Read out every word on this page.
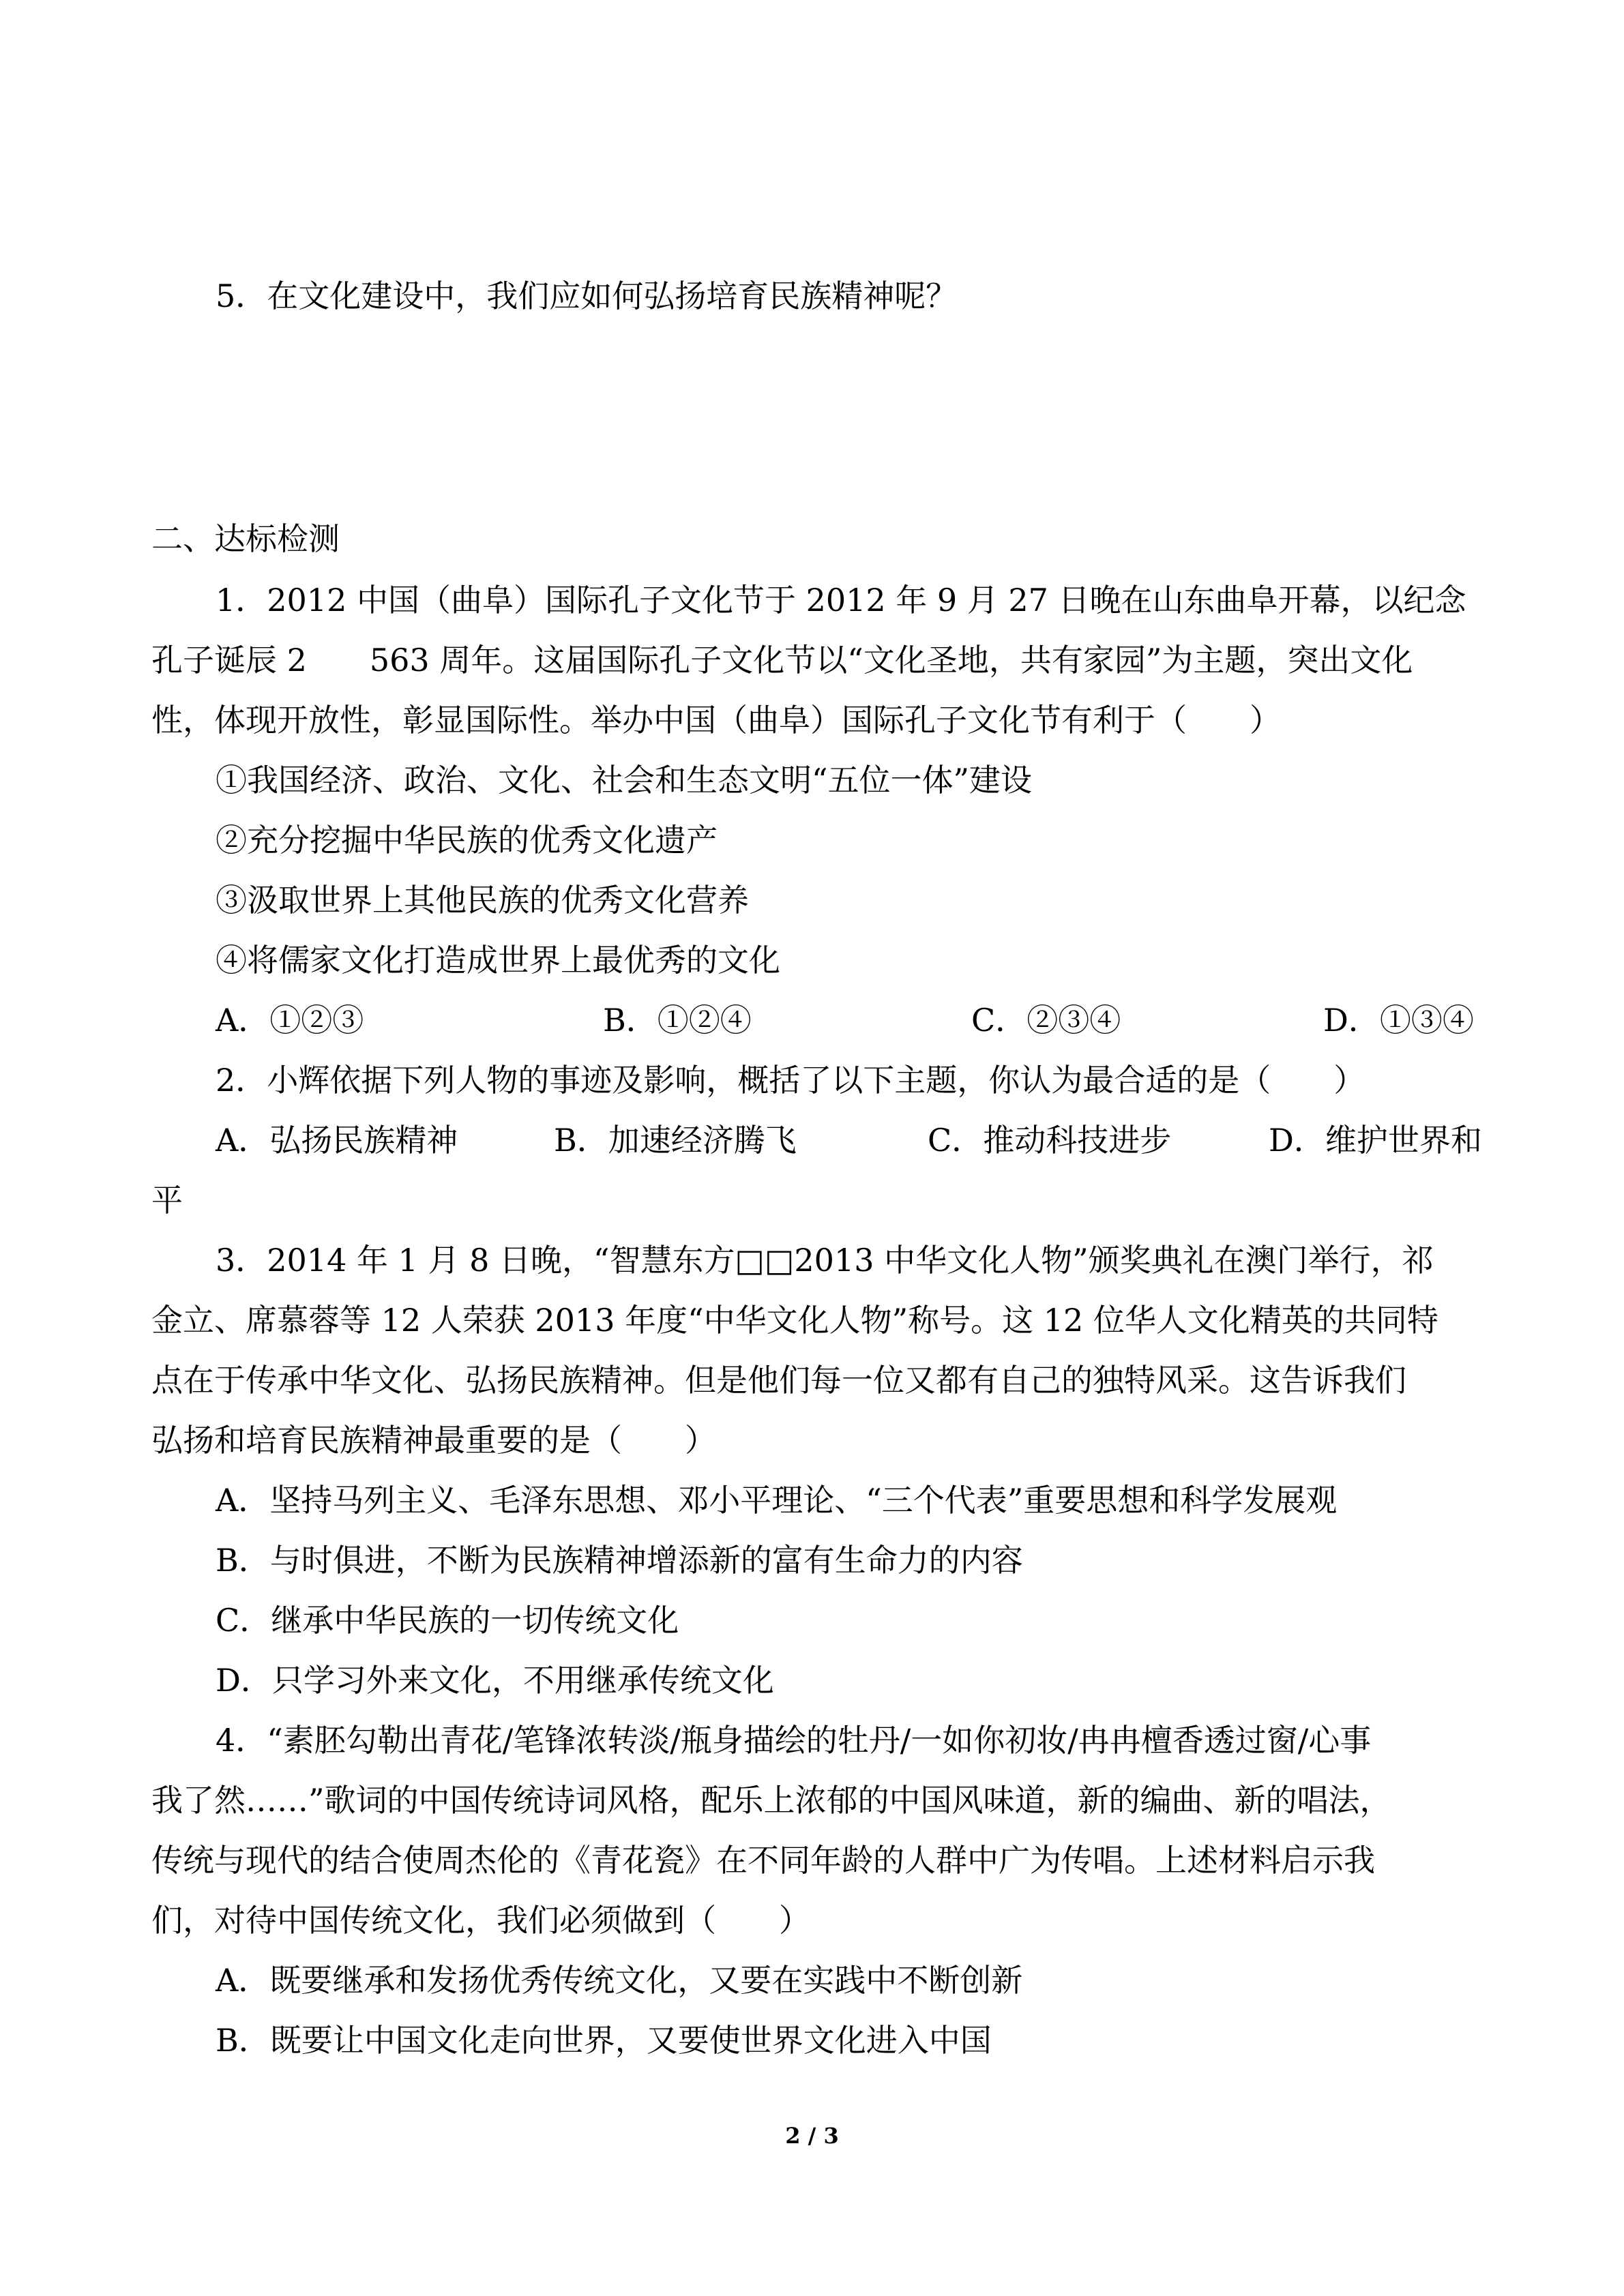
5．在文化建设中，我们应如何弘扬培育民族精神呢？
二、达标检测
1．2012 中国（曲阜）国际孔子文化节于 2012 年 9 月 27 日晚在山东曲阜开幕，以纪念
孔子诞辰 2　　563 周年。这届国际孔子文化节以“文化圣地，共有家园”为主题，突出文化
性，体现开放性，彰显国际性。举办中国（曲阜）国际孔子文化节有利于（　　）
①我国经济、政治、文化、社会和生态文明“五位一体”建设
②充分挖掘中华民族的优秀文化遗产
③汲取世界上其他民族的优秀文化营养
④将儒家文化打造成世界上最优秀的文化
A．①②③	B．①②④	C．②③④	D．①③④
2．小辉依据下列人物的事迹及影响，概括了以下主题，你认为最合适的是（　　）
A．弘扬民族精神	B．加速经济腾飞	C．推动科技进步	D．维护世界和
平
3．2014 年 1 月 8 日晚，“智慧东方□□2013 中华文化人物”颁奖典礼在澳门举行，祁
金立、席慕蓉等 12 人荣获 2013 年度“中华文化人物”称号。这 12 位华人文化精英的共同特
点在于传承中华文化、弘扬民族精神。但是他们每一位又都有自己的独特风采。这告诉我们
弘扬和培育民族精神最重要的是（　　）
A．坚持马列主义、毛泽东思想、邓小平理论、“三个代表”重要思想和科学发展观
B．与时俱进，不断为民族精神增添新的富有生命力的内容
C．继承中华民族的一切传统文化
D．只学习外来文化，不用继承传统文化
4．“素胚勾勒出青花/笔锋浓转淡/瓶身描绘的牡丹/一如你初妆/冉冉檀香透过窗/心事
我了然……”歌词的中国传统诗词风格，配乐上浓郁的中国风味道，新的编曲、新的唱法，
传统与现代的结合使周杰伦的《青花瓷》在不同年龄的人群中广为传唱。上述材料启示我
们，对待中国传统文化，我们必须做到（　　）
A．既要继承和发扬优秀传统文化，又要在实践中不断创新
B．既要让中国文化走向世界，又要使世界文化进入中国
2 / 3
